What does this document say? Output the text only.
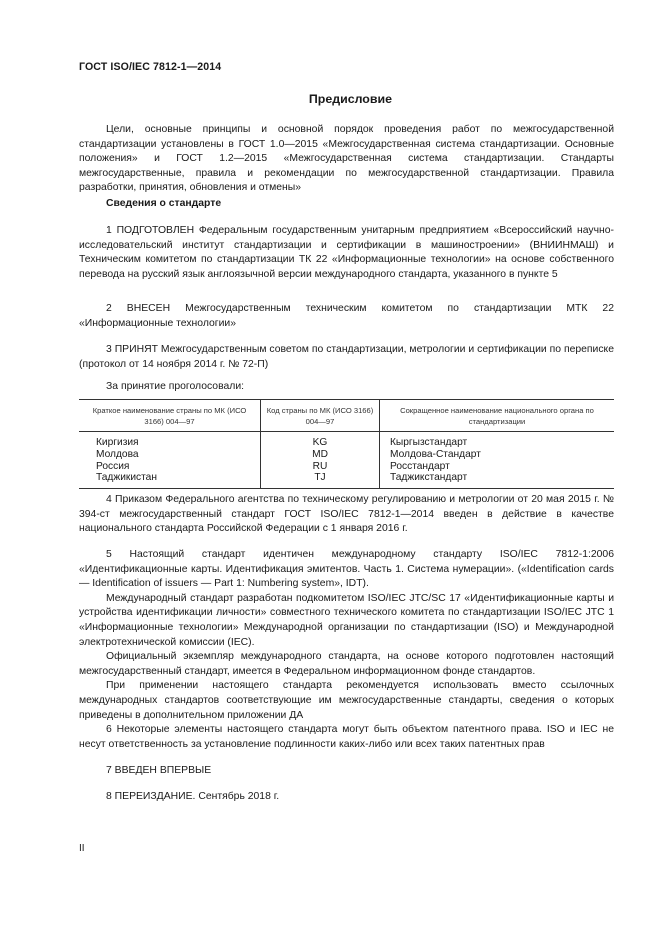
ГОСТ ISO/IEC 7812-1—2014
Предисловие

Цели, основные принципы и основной порядок проведения работ по межгосударственной стандартизации установлены в ГОСТ 1.0—2015 «Межгосударственная система стандартизации. Основные положения» и ГОСТ 1.2—2015 «Межгосударственная система стандартизации. Стандарты межгосударственные, правила и рекомендации по межгосударственной стандартизации. Правила разработки, принятия, обновления и отмены»

Сведения о стандарте

1 ПОДГОТОВЛЕН Федеральным государственным унитарным предприятием «Всероссийский научно-исследовательский институт стандартизации и сертификации в машиностроении» (ВНИИНМАШ) и Техническим комитетом по стандартизации ТК 22 «Информационные технологии» на основе собственного перевода на русский язык англоязычной версии международного стандарта, указанного в пункте 5

2 ВНЕСЕН Межгосударственным техническим комитетом по стандартизации МТК 22 «Информационные технологии»

3 ПРИНЯТ Межгосударственным советом по стандартизации, метрологии и сертификации по переписке (протокол от 14 ноября 2014 г. № 72-П)

За принятие проголосовали:

Краткое наименование страны по МК (ИСО 3166) 004—97	Код страны по МК (ИСО 3166) 004—97	Сокращенное наименование национального органа по стандартизации
Киргизия	KG	Кыргызстандарт
Молдова	MD	Молдова-Стандарт
Россия	RU	Росстандарт
Таджикистан	TJ	Таджикстандарт

4 Приказом Федерального агентства по техническому регулированию и метрологии от 20 мая 2015 г. № 394-ст межгосударственный стандарт ГОСТ ISO/IEC 7812-1—2014 введен в действие в качестве национального стандарта Российской Федерации с 1 января 2016 г.

5 Настоящий стандарт идентичен международному стандарту ISO/IEC 7812-1:2006 «Идентификационные карты. Идентификация эмитентов. Часть 1. Система нумерации». («Identification cards — Identification of issuers — Part 1: Numbering system», IDT).

Международный стандарт разработан подкомитетом ISO/IEC JTC/SC 17 «Идентификационные карты и устройства идентификации личности» совместного технического комитета по стандартизации ISO/IEC JTC 1 «Информационные технологии» Международной организации по стандартизации (ISO) и Международной электротехнической комиссии (IEC).

Официальный экземпляр международного стандарта, на основе которого подготовлен настоящий межгосударственный стандарт, имеется в Федеральном информационном фонде стандартов.

При применении настоящего стандарта рекомендуется использовать вместо ссылочных международных стандартов соответствующие им межгосударственные стандарты, сведения о которых приведены в дополнительном приложении ДА

6 Некоторые элементы настоящего стандарта могут быть объектом патентного права. ISO и IEC не несут ответственность за установление подлинности каких-либо или всех таких патентных прав

7 ВВЕДЕН ВПЕРВЫЕ

8 ПЕРЕИЗДАНИЕ. Сентябрь 2018 г.

II
